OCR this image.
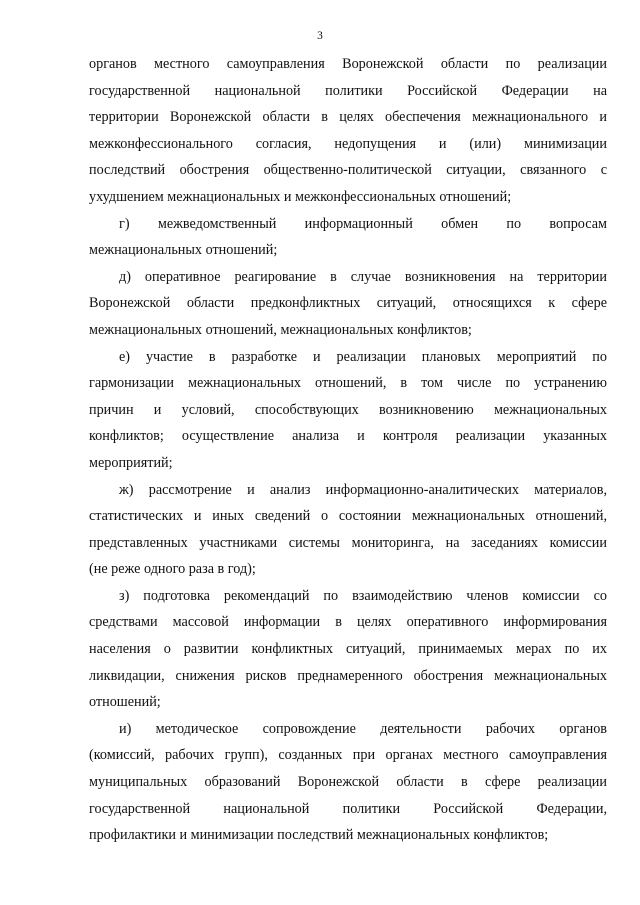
3
органов местного самоуправления Воронежской области по реализации
государственной национальной политики Российской Федерации на
территории Воронежской области в целях обеспечения межнационального и
межконфессионального согласия, недопущения и (или) минимизации
последствий обострения общественно-политической ситуации, связанного с
ухудшением межнациональных и межконфессиональных отношений;
г) межведомственный информационный обмен по вопросам
межнациональных отношений;
д) оперативное реагирование в случае возникновения на территории
Воронежской области предконфликтных ситуаций, относящихся к сфере
межнациональных отношений, межнациональных конфликтов;
е) участие в разработке и реализации плановых мероприятий по
гармонизации межнациональных отношений, в том числе по устранению
причин и условий, способствующих возникновению межнациональных
конфликтов; осуществление анализа и контроля реализации указанных
мероприятий;
ж) рассмотрение и анализ информационно-аналитических материалов,
статистических и иных сведений о состоянии межнациональных отношений,
представленных участниками системы мониторинга, на заседаниях комиссии
(не реже одного раза в год);
з) подготовка рекомендаций по взаимодействию членов комиссии со
средствами массовой информации в целях оперативного информирования
населения о развитии конфликтных ситуаций, принимаемых мерах по их
ликвидации, снижения рисков преднамеренного обострения межнациональных
отношений;
и) методическое сопровождение деятельности рабочих органов
(комиссий, рабочих групп), созданных при органах местного самоуправления
муниципальных образований Воронежской области в сфере реализации
государственной национальной политики Российской Федерации,
профилактики и минимизации последствий межнациональных конфликтов;
